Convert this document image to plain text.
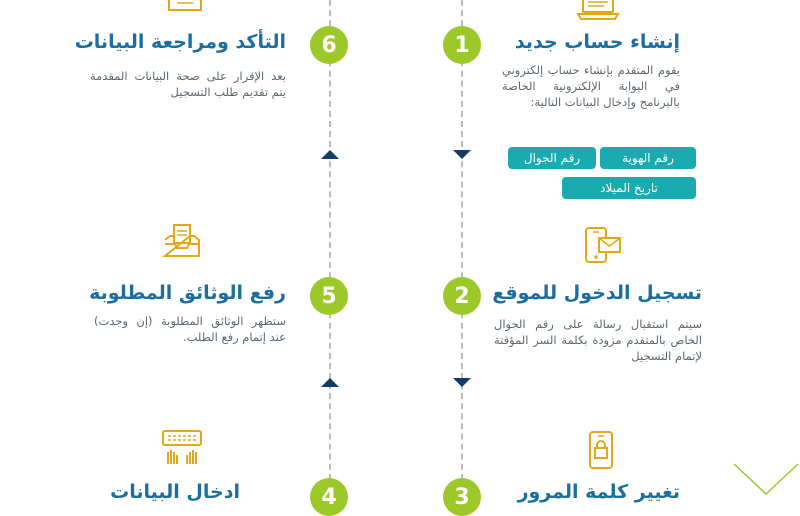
1	إنشاء حساب جديد
يقوم المتقدم بإنشاء حساب إلكتروني في البوابة الإلكترونية الخاصة بالبرنامج وإدخال البيانات التالية:
رقم الهوية
رقم الجوال
تاريخ الميلاد
6
التأكد ومراجعة البيانات
بعد الإقرار على صحة البيانات المقدمة يتم تقديم طلب التسجيل
2	تسجيل الدخول للموقع
سيتم استقبال رسالة على رقم الجوال الخاص بالمتقدم مزودة بكلمة السر المؤقتة لإتمام التسجيل
5
رفع الوثائق المطلوبة
ستظهر الوثائق المطلوبة (إن وجدت) عند إتمام رفع الطلب.
3	تغيير كلمة المرور
4
ادخال البيانات
